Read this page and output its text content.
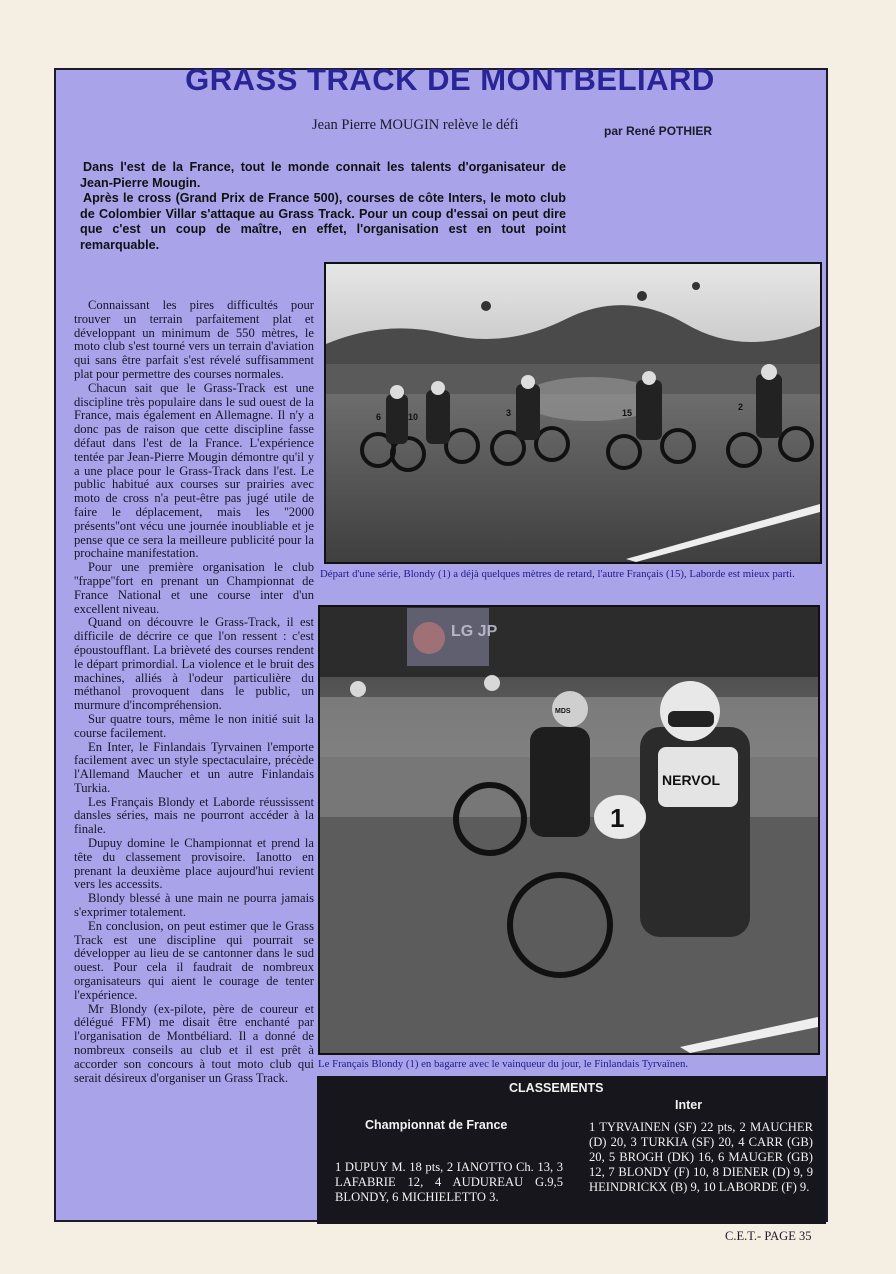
GRASS TRACK DE MONTBELIARD
Jean Pierre MOUGIN relève le défi	par René POTHIER

Dans l'est de la France, tout le monde connait les talents d'organisateur de Jean-Pierre Mougin.

Après le cross (Grand Prix de France 500), courses de côte Inters, le moto club de Colombier Villar s'attaque au Grass Track. Pour un coup d'essai on peut dire que c'est un coup de maître, en effet, l'organisation est en tout point remarquable.

Connaissant les pires difficultés pour trouver un terrain parfaitement plat et développant un minimum de 550 mètres, le moto club s'est tourné vers un terrain d'aviation qui sans être parfait s'est révelé suffisamment plat pour permettre des courses normales.

Chacun sait que le Grass-Track est une discipline très populaire dans le sud ouest de la France, mais également en Allemagne. Il n'y a donc pas de raison que cette discipline fasse défaut dans l'est de la France. L'expérience tentée par Jean-Pierre Mougin démontre qu'il y a une place pour le Grass-Track dans l'est. Le public habitué aux courses sur prairies avec moto de cross n'a peut-être pas jugé utile de faire le déplacement, mais les ''2000 présents''ont vécu une journée inoubliable et je pense que ce sera la meilleure publicité pour la prochaine manifestation.

Pour une première organisation le club ''frappe''fort en prenant un Championnat de France National et une course inter d'un excellent niveau.

Quand on découvre le Grass-Track, il est difficile de décrire ce que l'on ressent : c'est époustoufflant. La brièveté des courses rendent le départ primordial. La violence et le bruit des machines, alliés à l'odeur particulière du méthanol provoquent dans le public, un murmure d'incompréhension.

Sur quatre tours, même le non initié suit la course facilement.

En Inter, le Finlandais Tyrvainen l'emporte facilement avec un style spectaculaire, précède l'Allemand Maucher et un autre Finlandais Turkia.

Les Français Blondy et Laborde réussissent dansles séries, mais ne pourront accéder à la finale.

Dupuy domine le Championnat et prend la tête du classement provisoire. Ianotto en prenant la deuxième place aujourd'hui revient vers les accessits.

Blondy blessé à une main ne pourra jamais s'exprimer totalement.

En conclusion, on peut estimer que le Grass Track est une discipline qui pourrait se développer au lieu de se cantonner dans le sud ouest. Pour cela il faudrait de nombreux organisateurs qui aient le courage de tenter l'expérience.

Mr Blondy (ex-pilote, père de coureur et délégué FFM) me disait être enchanté par l'organisation de Montbéliard. Il a donné de nombreux conseils au club et il est prêt à accorder son concours à tout moto club qui serait désireux d'organiser un Grass Track.

6	10	3	15
2
Départ d'une série, Blondy (1) a déjà quelques mètres de retard, l'autre Français (15), Laborde est mieux parti.
1
NERVOL
MDS
Le Français Blondy (1) en bagarre avec le vainqueur du jour, le Finlandais Tyrvaïnen.
LG JP
CLASSEMENTS
Inter
Championnat de France
1 DUPUY M. 18 pts, 2 IANOTTO Ch. 13, 3 LAFABRIE 12, 4 AUDUREAU G.9,5 BLONDY, 6 MICHIELETTO 3.
1 TYRVAINEN (SF) 22 pts, 2 MAUCHER (D) 20, 3 TURKIA (SF) 20, 4 CARR (GB) 20, 5 BROGH (DK) 16, 6 MAUGER (GB) 12, 7 BLONDY (F) 10, 8 DIENER (D) 9, 9 HEINDRICKX (B) 9, 10 LABORDE (F) 9.
C.E.T.- PAGE 35
